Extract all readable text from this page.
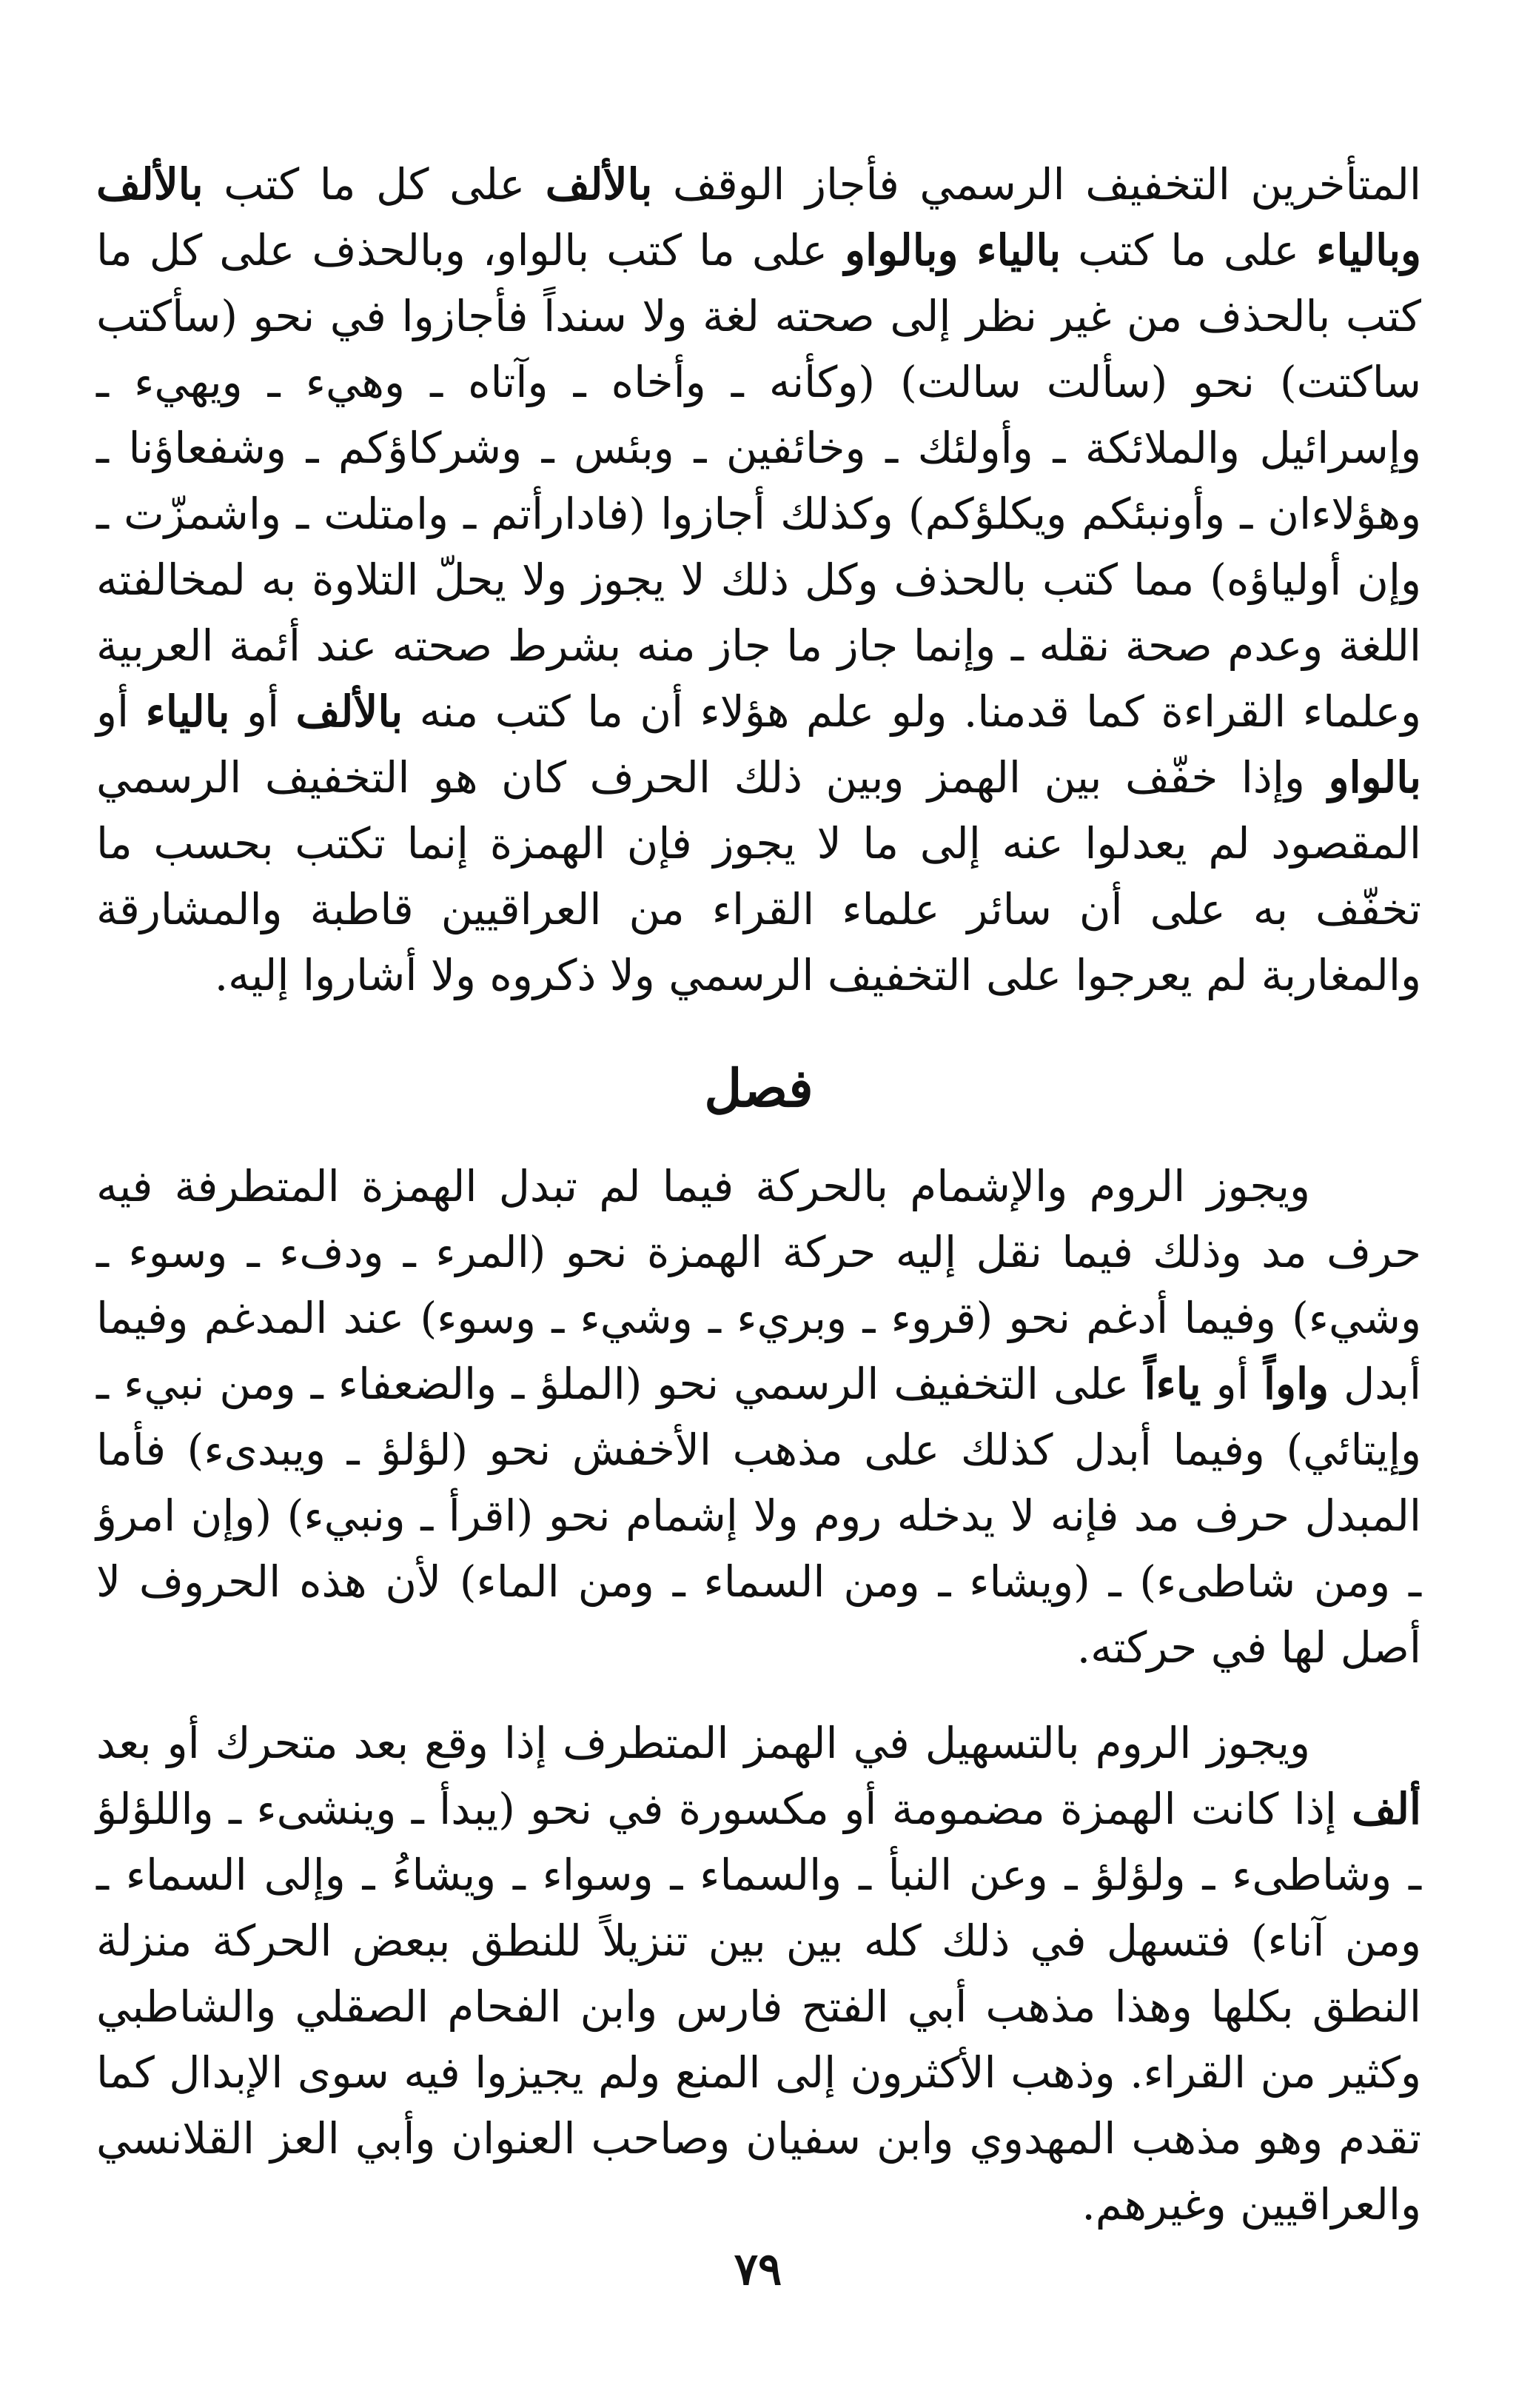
المتأخرين التخفيف الرسمي فأجاز الوقف بالألف على كل ما كتب بالألف وبالياء على ما كتب بالياء وبالواو على ما كتب بالواو، وبالحذف على كل ما كتب بالحذف من غير نظر إلى صحته لغة ولا سنداً فأجازوا في نحو (سأكتب ساكتت) نحو (سألت سالت) (وكأنه ـ وأخاه ـ وآتاه ـ وهيء ـ ويهيء ـ وإسرائيل والملائكة ـ وأولئك ـ وخائفين ـ وبئس ـ وشركاؤكم ـ وشفعاؤنا ـ وهؤلاءان ـ وأونبئكم ويكلؤكم) وكذلك أجازوا (فادارأتم ـ وامتلت ـ واشمزّت ـ وإن أولياؤه) مما كتب بالحذف وكل ذلك لا يجوز ولا يحلّ التلاوة به لمخالفته اللغة وعدم صحة نقله ـ وإنما جاز ما جاز منه بشرط صحته عند أئمة العربية وعلماء القراءة كما قدمنا. ولو علم هؤلاء أن ما كتب منه بالألف أو بالياء أو بالواو وإذا خفّف بين الهمز وبين ذلك الحرف كان هو التخفيف الرسمي المقصود لم يعدلوا عنه إلى ما لا يجوز فإن الهمزة إنما تكتب بحسب ما تخفّف به على أن سائر علماء القراء من العراقيين قاطبة والمشارقة والمغاربة لم يعرجوا على التخفيف الرسمي ولا ذكروه ولا أشاروا إليه.

فصل

ويجوز الروم والإشمام بالحركة فيما لم تبدل الهمزة المتطرفة فيه حرف مد وذلك فيما نقل إليه حركة الهمزة نحو (المرء ـ ودفء ـ وسوء ـ وشيء) وفيما أدغم نحو (قروء ـ وبريء ـ وشيء ـ وسوء) عند المدغم وفيما أبدل واواً أو ياءاً على التخفيف الرسمي نحو (الملؤ ـ والضعفاء ـ ومن نبيء ـ وإيتائي) وفيما أبدل كذلك على مذهب الأخفش نحو (لؤلؤ ـ ويبدىء) فأما المبدل حرف مد فإنه لا يدخله روم ولا إشمام نحو (اقرأ ـ ونبيء) (وإن امرؤ ـ ومن شاطىء) ـ (ويشاء ـ ومن السماء ـ ومن الماء) لأن هذه الحروف لا أصل لها في حركته.

ويجوز الروم بالتسهيل في الهمز المتطرف إذا وقع بعد متحرك أو بعد ألف إذا كانت الهمزة مضمومة أو مكسورة في نحو (يبدأ ـ وينشىء ـ واللؤلؤ ـ وشاطىء ـ ولؤلؤ ـ وعن النبأ ـ والسماء ـ وسواء ـ ويشاءُ ـ وإلى السماء ـ ومن آناء) فتسهل في ذلك كله بين بين تنزيلاً للنطق ببعض الحركة منزلة النطق بكلها وهذا مذهب أبي الفتح فارس وابن الفحام الصقلي والشاطبي وكثير من القراء. وذهب الأكثرون إلى المنع ولم يجيزوا فيه سوى الإبدال كما تقدم وهو مذهب المهدوي وابن سفيان وصاحب العنوان وأبي العز القلانسي والعراقيين وغيرهم.

٧٩
